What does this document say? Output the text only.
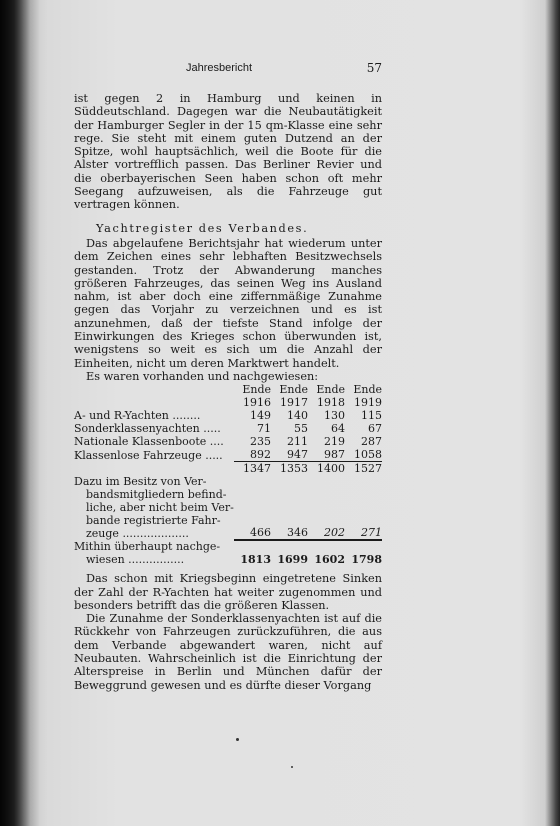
Jahresbericht	57

ist gegen 2 in Hamburg und keinen in Süddeutschland. Dagegen war die Neubautätigkeit der Hamburger Segler in der 15 qm-Klasse eine sehr rege. Sie steht mit einem guten Dutzend an der Spitze, wohl hauptsächlich, weil die Boote für die Alster vortrefflich passen. Das Berliner Revier und die oberbayerischen Seen haben schon oft mehr Seegang aufzuweisen, als die Fahrzeuge gut vertragen können.

Yachtregister des Verbandes.

Das abgelaufene Berichtsjahr hat wiederum unter dem Zeichen eines sehr lebhaften Besitzwechsels gestanden. Trotz der Abwanderung manches größeren Fahrzeuges, das seinen Weg ins Ausland nahm, ist aber doch eine ziffernmäßige Zunahme gegen das Vorjahr zu verzeichnen und es ist anzunehmen, daß der tiefste Stand infolge der Einwirkungen des Krieges schon überwunden ist, wenigstens so weit es sich um die Anzahl der Einheiten, nicht um deren Marktwert handelt.

Es waren vorhanden und nachgewiesen:

	Ende	Ende	Ende	Ende
	1916	1917	1918	1919
A- und R-Yachten ........	149	140	130	115
Sonderklassenyachten .....	71	55	64	67
Nationale Klassenboote ....	235	211	219	287
Klassenlose Fahrzeuge .....	892	947	987	1058
	1347	1353	1400	1527

Dazu im Besitz von Ver-
bandsmitgliedern befind-
liche, aber nicht beim Ver-
bande registrierte Fahr-
zeuge ...................	466	346	202	271

Mithin überhaupt nachge-
wiesen ................	1813	1699	1602	1798

Das schon mit Kriegsbeginn eingetretene Sinken der Zahl der R-Yachten hat weiter zugenommen und besonders betrifft das die größeren Klassen.

Die Zunahme der Sonderklassenyachten ist auf die Rückkehr von Fahrzeugen zurückzuführen, die aus dem Verbande abgewandert waren, nicht auf Neubauten. Wahrscheinlich ist die Einrichtung der Alterspreise in Berlin und München dafür der Beweggrund gewesen und es dürfte dieser Vorgang
